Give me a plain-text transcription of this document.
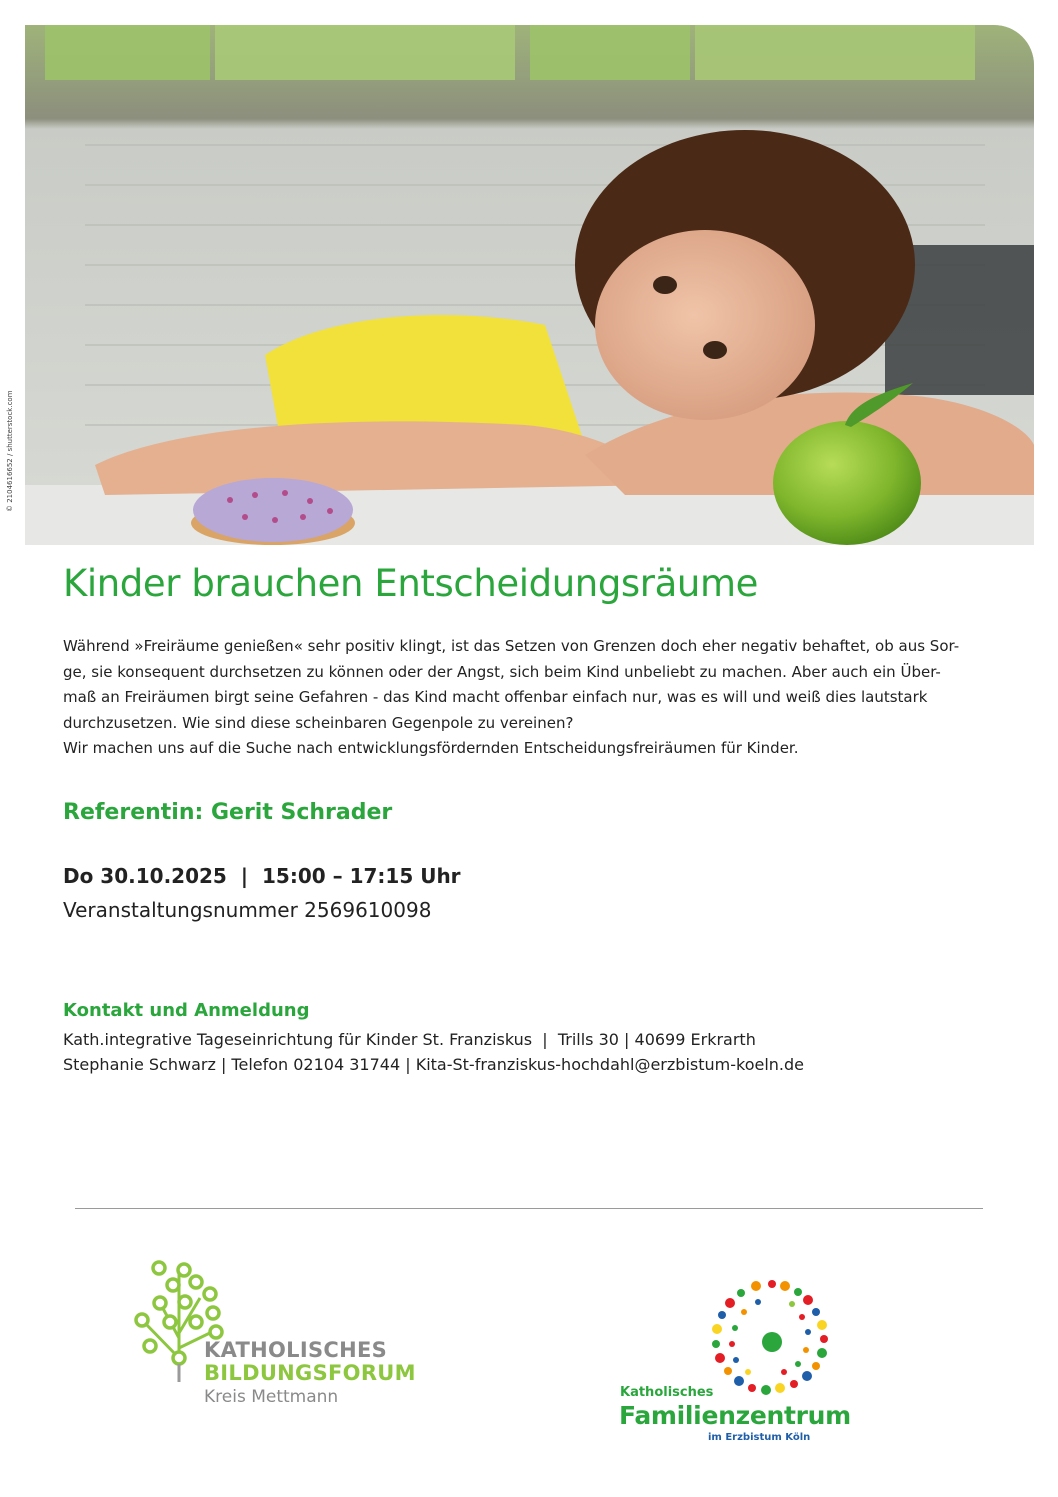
© 2104616652 / shutterstock.com
Kinder brauchen Entscheidungsräume

Während »Freiräume genießen« sehr positiv klingt, ist das Setzen von Grenzen doch eher negativ behaftet, ob aus Sor-

ge, sie konsequent durchsetzen zu können oder der Angst, sich beim Kind unbeliebt zu machen. Aber auch ein Über-

maß an Freiräumen birgt seine Gefahren - das Kind macht offenbar einfach nur, was es will und weiß dies lautstark

durchzusetzen. Wie sind diese scheinbaren Gegenpole zu vereinen?

Wir machen uns auf die Suche nach entwicklungsfördernden Entscheidungsfreiräumen für Kinder.

Referentin: Gerit Schrader

Do 30.10.2025  |  15:00 – 17:15 Uhr

Veranstaltungsnummer 2569610098

Kontakt und Anmeldung
Kath.integrative Tageseinrichtung für Kinder St. Franziskus  |  Trills 30 | 40699 Erkrarth
Stephanie Schwarz | Telefon 02104 31744 | Kita-St-franziskus-hochdahl@erzbistum-koeln.de
KATHOLISCHES
BILDUNGSFORUM
Kreis Mettmann	Katholisches
Familienzentrum
im Erzbistum Köln
